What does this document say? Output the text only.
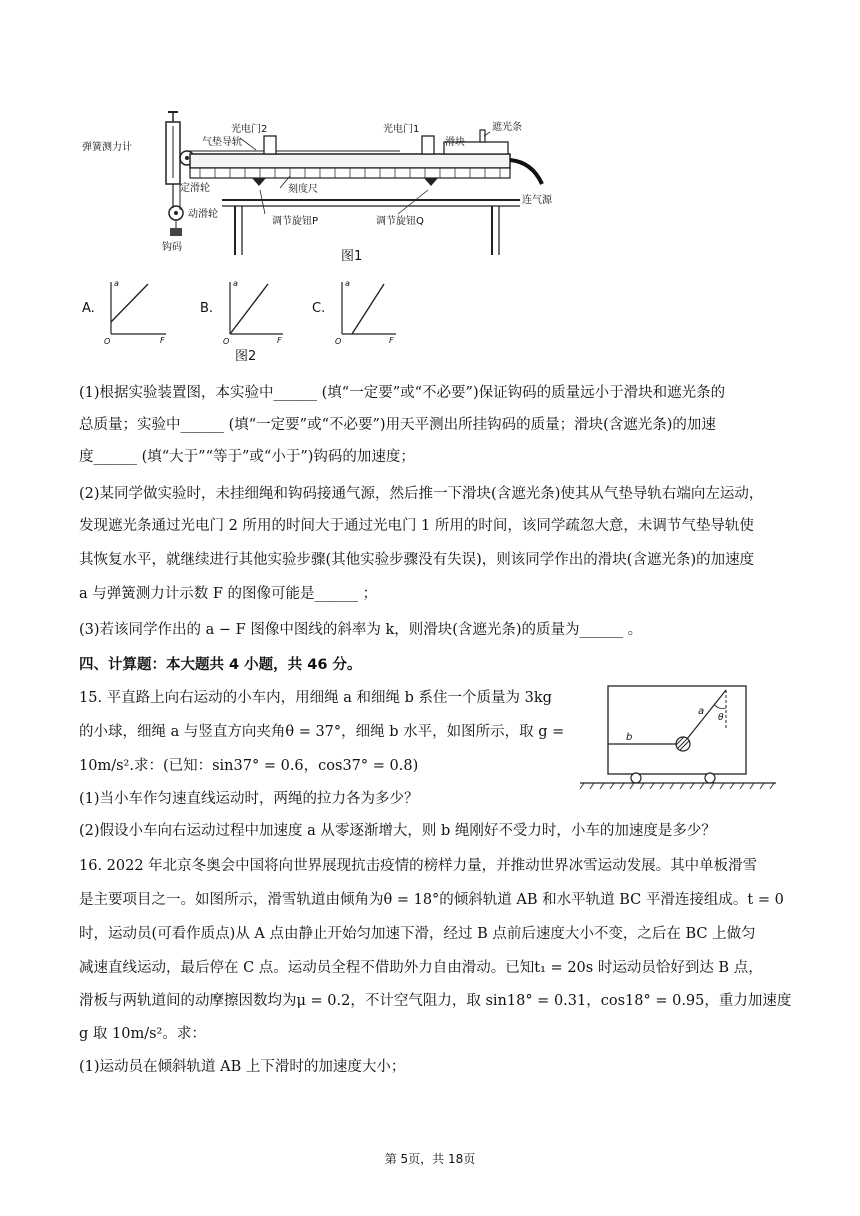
光电门2	光电门1	遮光条
气垫导轨	滑块
弹簧测力计
定滑轮	刻度尺
连气源
动滑轮
调节旋钮P	调节旋钮Q
钩码
图1
A.
a
F
O
B.
a
F
O
C.
a
F
O
图2
(1)根据实验装置图，本实验中______ (填“一定要”或“不必要”)保证钩码的质量远小于滑块和遮光条的
总质量；实验中______ (填“一定要”或“不必要”)用天平测出所挂钩码的质量；滑块(含遮光条)的加速
度______ (填“大于”“等于”或“小于”)钩码的加速度；
(2)某同学做实验时，未挂细绳和钩码接通气源，然后推一下滑块(含遮光条)使其从气垫导轨右端向左运动，
发现遮光条通过光电门 2 所用的时间大于通过光电门 1 所用的时间，该同学疏忽大意，未调节气垫导轨使
其恢复水平，就继续进行其他实验步骤(其他实验步骤没有失误)，则该同学作出的滑块(含遮光条)的加速度
a 与弹簧测力计示数 F 的图像可能是______ ；
(3)若该同学作出的 a − F 图像中图线的斜率为 k，则滑块(含遮光条)的质量为______ 。
四、计算题：本大题共 4 小题，共 46 分。
15. 平直路上向右运动的小车内，用细绳 a 和细绳 b 系住一个质量为 3kg
的小球，细绳 a 与竖直方向夹角θ = 37°，细绳 b 水平，如图所示，取 g =
10m/s².求：(已知：sin37° = 0.6，cos37° = 0.8)
(1)当小车作匀速直线运动时，两绳的拉力各为多少？
(2)假设小车向右运动过程中加速度 a 从零逐渐增大，则 b 绳刚好不受力时，小车的加速度是多少？
a
b
θ
16. 2022 年北京冬奥会中国将向世界展现抗击疫情的榜样力量，并推动世界冰雪运动发展。其中单板滑雪
是主要项目之一。如图所示，滑雪轨道由倾角为θ = 18°的倾斜轨道 AB 和水平轨道 BC 平滑连接组成。t = 0
时，运动员(可看作质点)从 A 点由静止开始匀加速下滑，经过 B 点前后速度大小不变，之后在 BC 上做匀
减速直线运动，最后停在 C 点。运动员全程不借助外力自由滑动。已知t₁ = 20s 时运动员恰好到达 B 点，
滑板与两轨道间的动摩擦因数均为μ = 0.2，不计空气阻力，取 sin18° = 0.31，cos18° = 0.95，重力加速度
g 取 10m/s²。求：
(1)运动员在倾斜轨道 AB 上下滑时的加速度大小；
第 5页，共 18页
